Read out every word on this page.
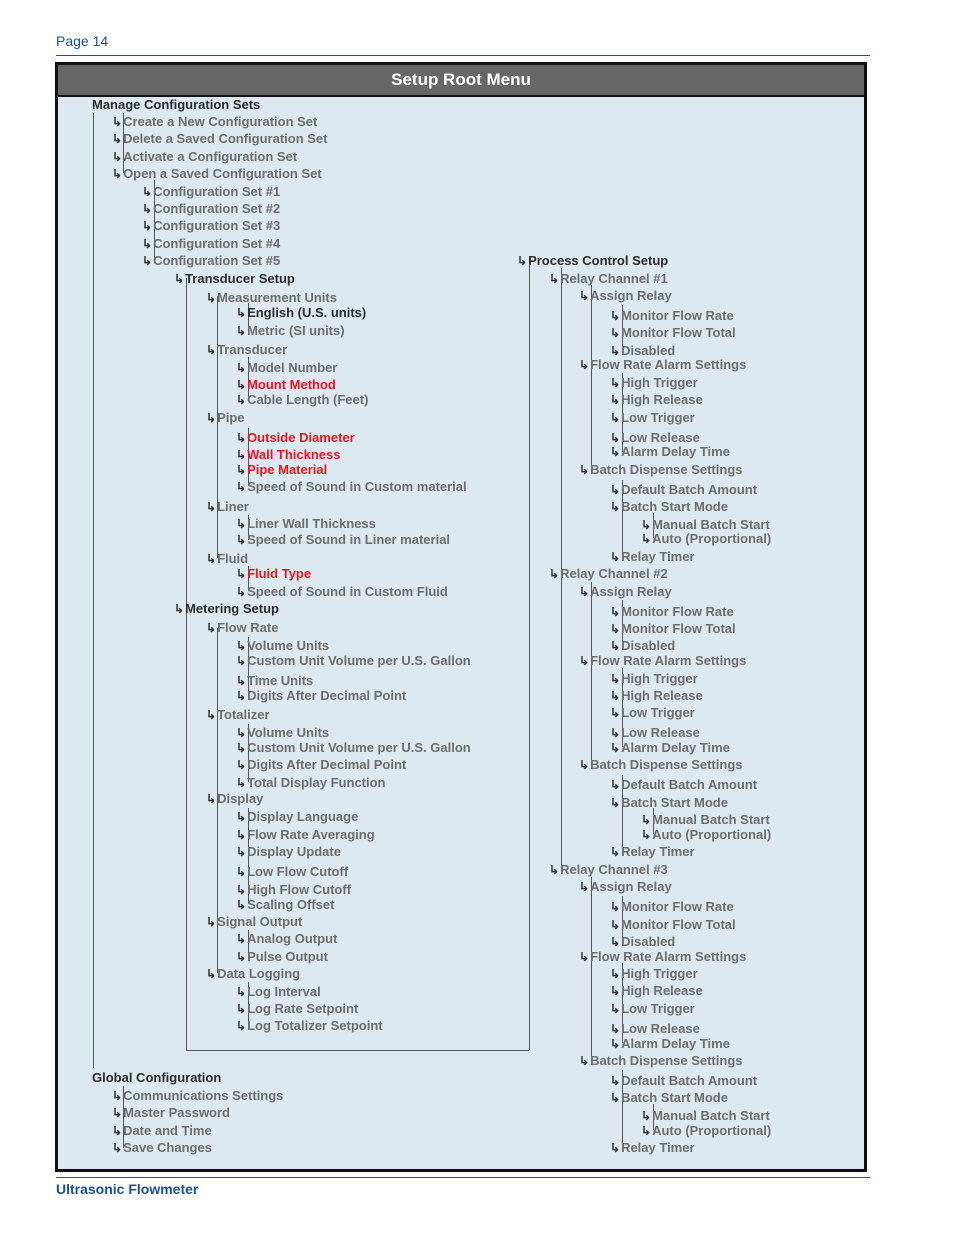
Page 14
Setup Root Menu
Manage Configuration Sets
↳ Create a New Configuration Set
↳ Delete a Saved Configuration Set
↳ Activate a Configuration Set
↳ Open a Saved Configuration Set
↳ Configuration Set #1
↳ Configuration Set #2
↳ Configuration Set #3
↳ Configuration Set #4
↳ Configuration Set #5
↳ Transducer Setup
↳ Measurement Units
↳ English (U.S. units)
↳ Metric (SI units)
↳ Transducer
↳ Model Number
↳ Mount Method
↳ Cable Length (Feet)
↳ Pipe
↳ Outside Diameter
↳ Wall Thickness
↳ Pipe Material
↳ Speed of Sound in Custom material
↳ Liner
↳ Liner Wall Thickness
↳ Speed of Sound in Liner material
↳ Fluid
↳ Fluid Type
↳ Speed of Sound in Custom Fluid
↳ Metering Setup
↳ Flow Rate
↳ Volume Units
↳ Custom Unit Volume per U.S. Gallon
↳ Time Units
↳ Digits After Decimal Point
↳ Totalizer
↳ Volume Units
↳ Custom Unit Volume per U.S. Gallon
↳ Digits After Decimal Point
↳ Total Display Function
↳ Display
↳ Display Language
↳ Flow Rate Averaging
↳ Display Update
↳ Low Flow Cutoff
↳ High Flow Cutoff
↳ Scaling Offset
↳ Signal Output
↳ Analog Output
↳ Pulse Output
↳ Data Logging
↳ Log Interval
↳ Log Rate Setpoint
↳ Log Totalizer Setpoint
Global Configuration
↳ Communications Settings
↳ Master Password
↳ Date and Time
↳ Save Changes
↳ Process Control Setup
↳ Relay Channel #1
↳ Assign Relay
↳ Monitor Flow Rate
↳ Monitor Flow Total
↳ Disabled
↳ Flow Rate Alarm Settings
↳ High Trigger
↳ High Release
↳ Low Trigger
↳ Low Release
↳ Alarm Delay Time
↳ Batch Dispense Settings
↳ Default Batch Amount
↳ Batch Start Mode
↳ Manual Batch Start
↳ Auto (Proportional)
↳ Relay Timer
↳ Relay Channel #2
↳ Assign Relay
↳ Monitor Flow Rate
↳ Monitor Flow Total
↳ Disabled
↳ Flow Rate Alarm Settings
↳ High Trigger
↳ High Release
↳ Low Trigger
↳ Low Release
↳ Alarm Delay Time
↳ Batch Dispense Settings
↳ Default Batch Amount
↳ Batch Start Mode
↳ Manual Batch Start
↳ Auto (Proportional)
↳ Relay Timer
↳ Relay Channel #3
↳ Assign Relay
↳ Monitor Flow Rate
↳ Monitor Flow Total
↳ Disabled
↳ Flow Rate Alarm Settings
↳ High Trigger
↳ High Release
↳ Low Trigger
↳ Low Release
↳ Alarm Delay Time
↳ Batch Dispense Settings
↳ Default Batch Amount
↳ Batch Start Mode
↳ Manual Batch Start
↳ Auto (Proportional)
↳ Relay Timer
Ultrasonic Flowmeter
